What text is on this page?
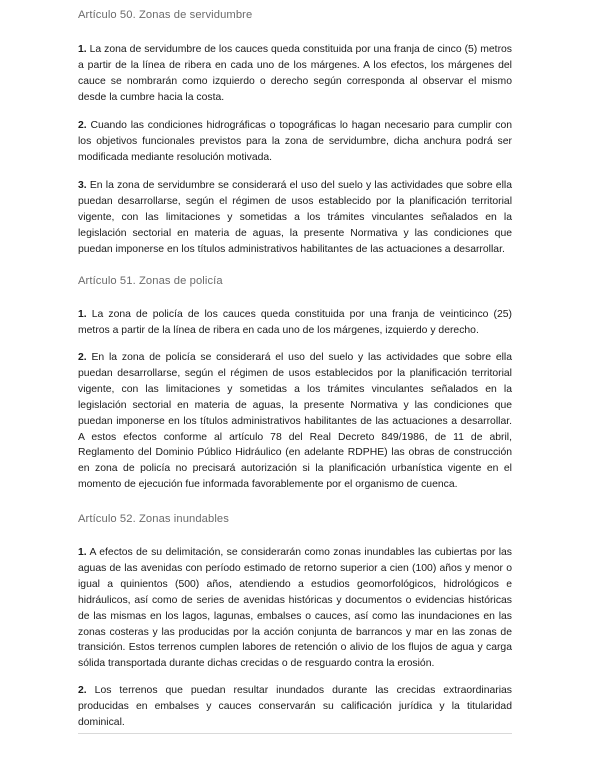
Artículo 50. Zonas de servidumbre

1. La zona de servidumbre de los cauces queda constituida por una franja de cinco (5) metros a partir de la línea de ribera en cada uno de los márgenes. A los efectos, los márgenes del cauce se nombrarán como izquierdo o derecho según corresponda al observar el mismo desde la cumbre hacia la costa.

2. Cuando las condiciones hidrográficas o topográficas lo hagan necesario para cumplir con los objetivos funcionales previstos para la zona de servidumbre, dicha anchura podrá ser modificada mediante resolución motivada.

3. En la zona de servidumbre se considerará el uso del suelo y las actividades que sobre ella puedan desarrollarse, según el régimen de usos establecido por la planificación territorial vigente, con las limitaciones y sometidas a los trámites vinculantes señalados en la legislación sectorial en materia de aguas, la presente Normativa y las condiciones que puedan imponerse en los títulos administrativos habilitantes de las actuaciones a desarrollar.

Artículo 51. Zonas de policía

1. La zona de policía de los cauces queda constituida por una franja de veinticinco (25) metros a partir de la línea de ribera en cada uno de los márgenes, izquierdo y derecho.

2. En la zona de policía se considerará el uso del suelo y las actividades que sobre ella puedan desarrollarse, según el régimen de usos establecidos por la planificación territorial vigente, con las limitaciones y sometidas a los trámites vinculantes señalados en la legislación sectorial en materia de aguas, la presente Normativa y las condiciones que puedan imponerse en los títulos administrativos habilitantes de las actuaciones a desarrollar. A estos efectos conforme al artículo 78 del Real Decreto 849/1986, de 11 de abril, Reglamento del Dominio Público Hidráulico (en adelante RDPHE) las obras de construcción en zona de policía no precisará autorización si la planificación urbanística vigente en el momento de ejecución fue informada favorablemente por el organismo de cuenca.

Artículo 52. Zonas inundables

1. A efectos de su delimitación, se considerarán como zonas inundables las cubiertas por las aguas de las avenidas con período estimado de retorno superior a cien (100) años y menor o igual a quinientos (500) años, atendiendo a estudios geomorfológicos, hidrológicos e hidráulicos, así como de series de avenidas históricas y documentos o evidencias históricas de las mismas en los lagos, lagunas, embalses o cauces, así como las inundaciones en las zonas costeras y las producidas por la acción conjunta de barrancos y mar en las zonas de transición. Estos terrenos cumplen labores de retención o alivio de los flujos de agua y carga sólida transportada durante dichas crecidas o de resguardo contra la erosión.

2. Los terrenos que puedan resultar inundados durante las crecidas extraordinarias producidas en embalses y cauces conservarán su calificación jurídica y la titularidad dominical.
